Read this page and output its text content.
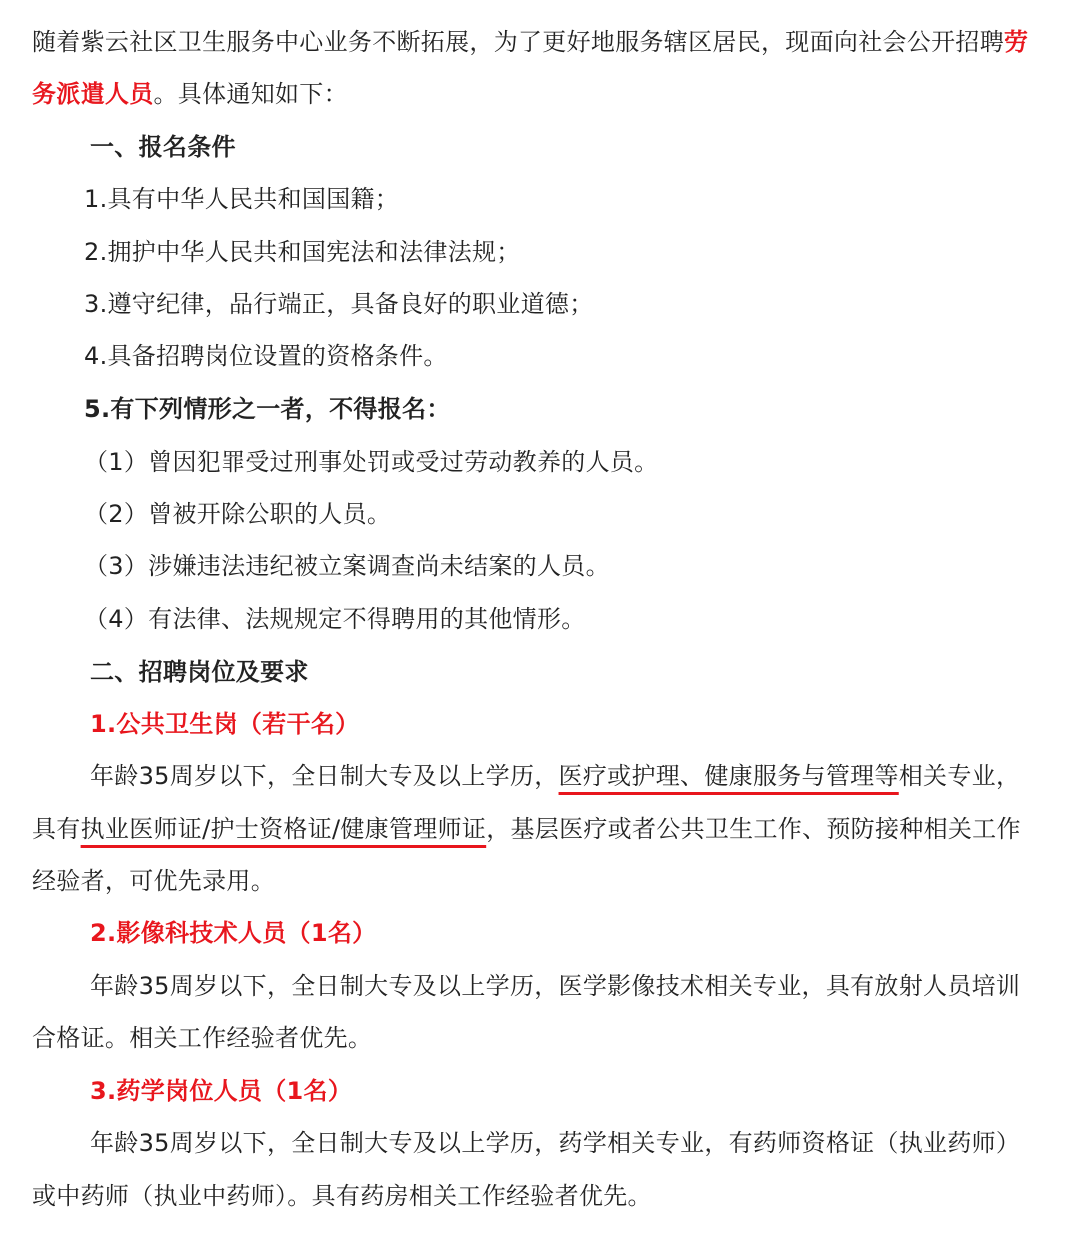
随着紫云社区卫生服务中心业务不断拓展，为了更好地服务辖区居民，现面向社会公开招聘劳
务派遣人员。具体通知如下：
一、报名条件
1.具有中华人民共和国国籍；
2.拥护中华人民共和国宪法和法律法规；
3.遵守纪律，品行端正，具备良好的职业道德；
4.具备招聘岗位设置的资格条件。
5.有下列情形之一者，不得报名：
（1）曾因犯罪受过刑事处罚或受过劳动教养的人员。
（2）曾被开除公职的人员。
（3）涉嫌违法违纪被立案调查尚未结案的人员。
（4）有法律、法规规定不得聘用的其他情形。
二、招聘岗位及要求
1.公共卫生岗（若干名）
年龄35周岁以下，全日制大专及以上学历，医疗或护理、健康服务与管理等相关专业，
具有执业医师证/护士资格证/健康管理师证，基层医疗或者公共卫生工作、预防接种相关工作
经验者，可优先录用。
2.影像科技术人员（1名）
年龄35周岁以下，全日制大专及以上学历，医学影像技术相关专业，具有放射人员培训
合格证。相关工作经验者优先。
3.药学岗位人员（1名）
年龄35周岁以下，全日制大专及以上学历，药学相关专业，有药师资格证（执业药师）
或中药师（执业中药师）。具有药房相关工作经验者优先。
